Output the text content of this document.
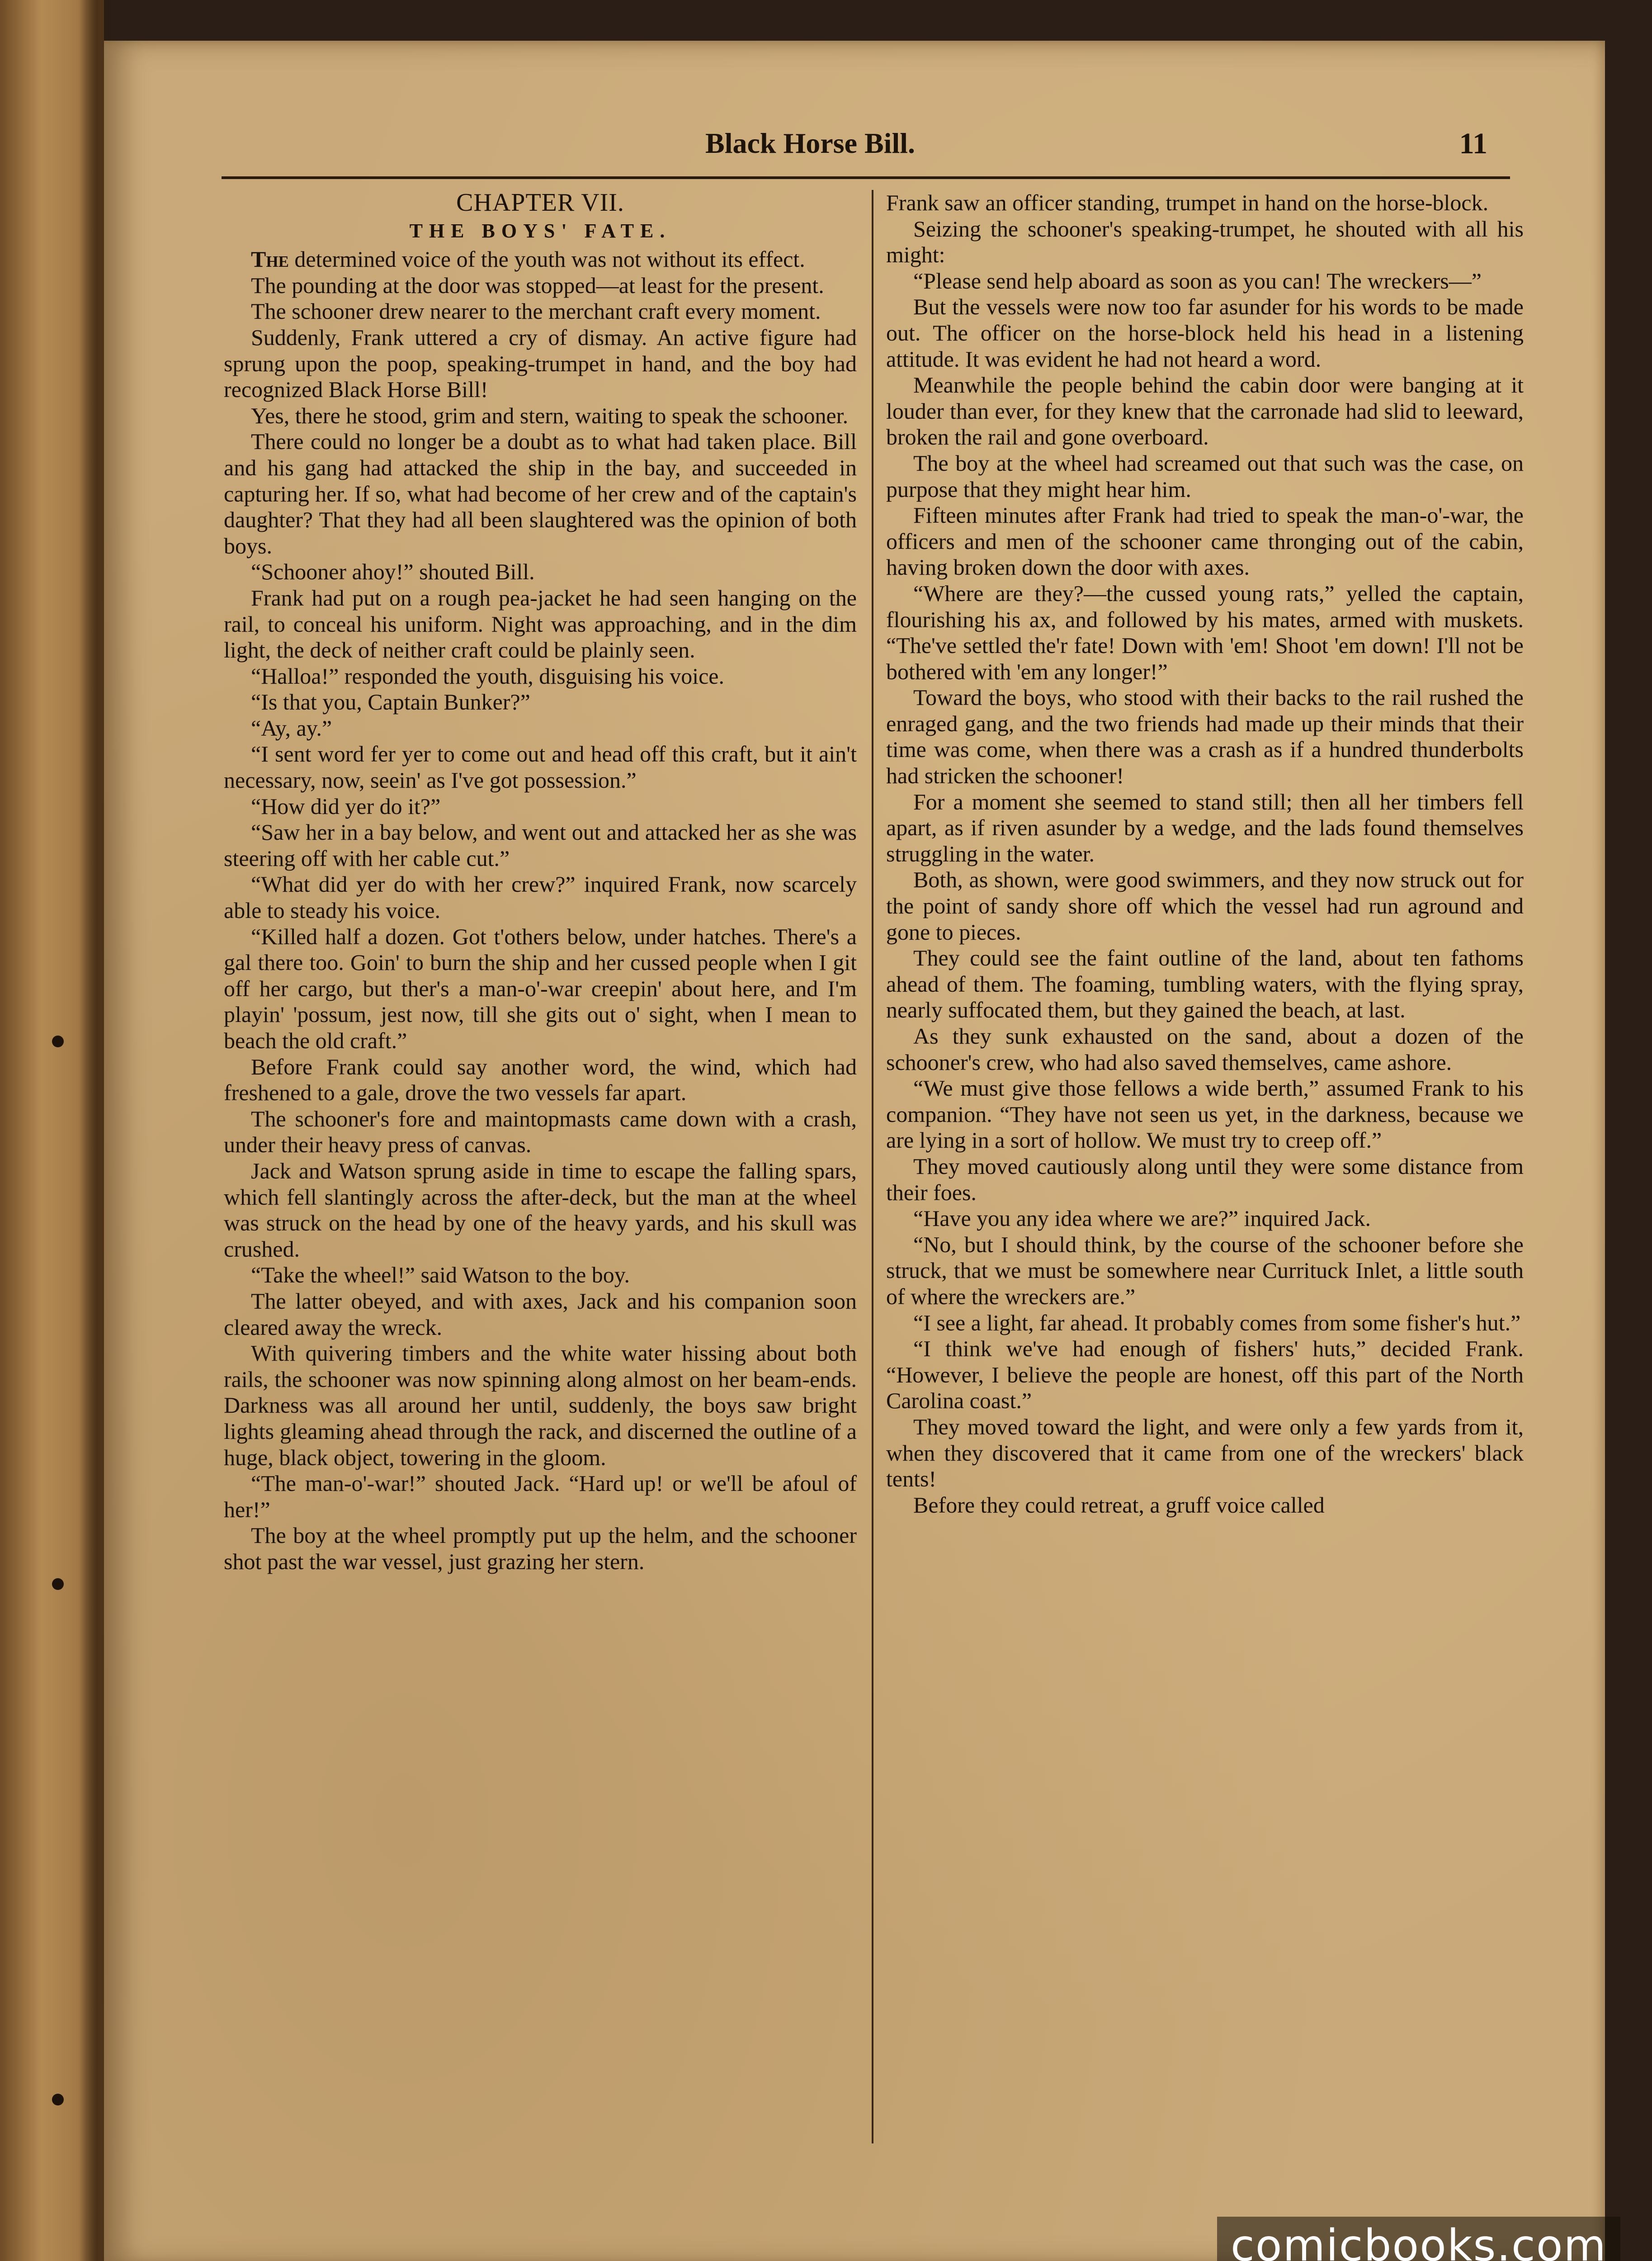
Black Horse Bill.	11
CHAPTER VII.
THE BOYS' FATE.

The determined voice of the youth was not without its effect.

The pounding at the door was stopped—at least for the present.

The schooner drew nearer to the merchant craft every moment.

Suddenly, Frank uttered a cry of dismay. An active figure had sprung upon the poop, speaking-trumpet in hand, and the boy had recognized Black Horse Bill!

Yes, there he stood, grim and stern, waiting to speak the schooner.

There could no longer be a doubt as to what had taken place. Bill and his gang had attacked the ship in the bay, and succeeded in capturing her. If so, what had become of her crew and of the captain's daughter? That they had all been slaughtered was the opinion of both boys.

“Schooner ahoy!” shouted Bill.

Frank had put on a rough pea-jacket he had seen hanging on the rail, to conceal his uniform. Night was approaching, and in the dim light, the deck of neither craft could be plainly seen.

“Halloa!” responded the youth, disguising his voice.

“Is that you, Captain Bunker?”

“Ay, ay.”

“I sent word fer yer to come out and head off this craft, but it ain't necessary, now, seein' as I've got possession.”

“How did yer do it?”

“Saw her in a bay below, and went out and attacked her as she was steering off with her cable cut.”

“What did yer do with her crew?” inquired Frank, now scarcely able to steady his voice.

“Killed half a dozen. Got t'others below, under hatches. There's a gal there too. Goin' to burn the ship and her cussed people when I git off her cargo, but ther's a man-o'-war creepin' about here, and I'm playin' 'possum, jest now, till she gits out o' sight, when I mean to beach the old craft.”

Before Frank could say another word, the wind, which had freshened to a gale, drove the two vessels far apart.

The schooner's fore and maintopmasts came down with a crash, under their heavy press of canvas.

Jack and Watson sprung aside in time to escape the falling spars, which fell slantingly across the after-deck, but the man at the wheel was struck on the head by one of the heavy yards, and his skull was crushed.

“Take the wheel!” said Watson to the boy.

The latter obeyed, and with axes, Jack and his companion soon cleared away the wreck.

With quivering timbers and the white water hissing about both rails, the schooner was now spinning along almost on her beam-ends. Darkness was all around her until, suddenly, the boys saw bright lights gleaming ahead through the rack, and discerned the outline of a huge, black object, towering in the gloom.

“The man-o'-war!” shouted Jack. “Hard up! or we'll be afoul of her!”

The boy at the wheel promptly put up the helm, and the schooner shot past the war vessel, just grazing her stern.

Frank saw an officer standing, trumpet in hand on the horse-block.

Seizing the schooner's speaking-trumpet, he shouted with all his might:

“Please send help aboard as soon as you can! The wreckers—”

But the vessels were now too far asunder for his words to be made out. The officer on the horse-block held his head in a listening attitude. It was evident he had not heard a word.

Meanwhile the people behind the cabin door were banging at it louder than ever, for they knew that the carronade had slid to leeward, broken the rail and gone overboard.

The boy at the wheel had screamed out that such was the case, on purpose that they might hear him.

Fifteen minutes after Frank had tried to speak the man-o'-war, the officers and men of the schooner came thronging out of the cabin, having broken down the door with axes.

“Where are they?—the cussed young rats,” yelled the captain, flourishing his ax, and followed by his mates, armed with muskets. “The've settled the'r fate! Down with 'em! Shoot 'em down! I'll not be bothered with 'em any longer!”

Toward the boys, who stood with their backs to the rail rushed the enraged gang, and the two friends had made up their minds that their time was come, when there was a crash as if a hundred thunderbolts had stricken the schooner!

For a moment she seemed to stand still; then all her timbers fell apart, as if riven asunder by a wedge, and the lads found themselves struggling in the water.

Both, as shown, were good swimmers, and they now struck out for the point of sandy shore off which the vessel had run aground and gone to pieces.

They could see the faint outline of the land, about ten fathoms ahead of them. The foaming, tumbling waters, with the flying spray, nearly suffocated them, but they gained the beach, at last.

As they sunk exhausted on the sand, about a dozen of the schooner's crew, who had also saved themselves, came ashore.

“We must give those fellows a wide berth,” assumed Frank to his companion. “They have not seen us yet, in the darkness, because we are lying in a sort of hollow. We must try to creep off.”

They moved cautiously along until they were some distance from their foes.

“Have you any idea where we are?” inquired Jack.

“No, but I should think, by the course of the schooner before she struck, that we must be somewhere near Currituck Inlet, a little south of where the wreckers are.”

“I see a light, far ahead. It probably comes from some fisher's hut.”

“I think we've had enough of fishers' huts,” decided Frank. “However, I believe the people are honest, off this part of the North Carolina coast.”

They moved toward the light, and were only a few yards from it, when they discovered that it came from one of the wreckers' black tents!

Before they could retreat, a gruff voice called

comicbooks.com
